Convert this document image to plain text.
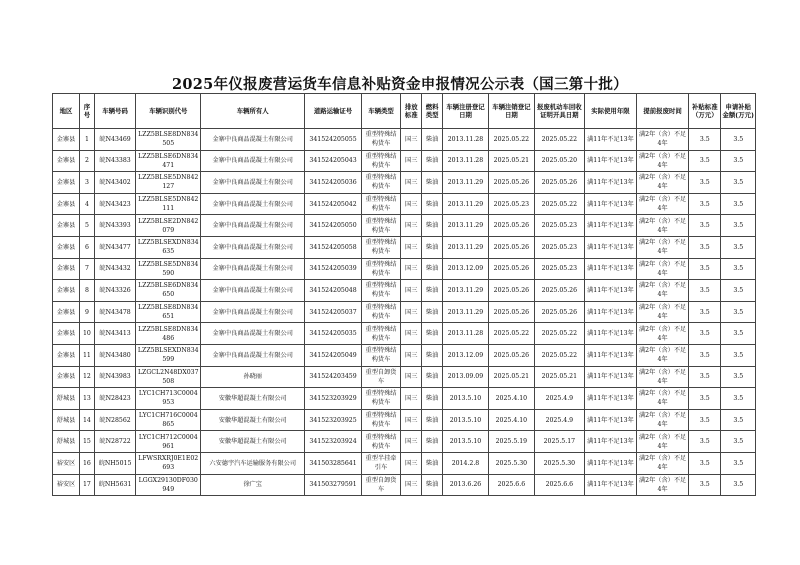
2025年仪报废营运货车信息补贴资金申报情况公示表（国三第十批）
地区	序号	车辆号码	车辆识别代号	车辆所有人	道路运输证号	车辆类型	排放标准	燃料类型	车辆注册登记日期	车辆注销登记日期	报废机动车回收证明开具日期	实际使用年限	提前报废时间	补贴标准（万元）	申请补贴金额(万元)
金寨县	1	皖N43469	LZZ5BLSE8DN834505	金寨中良商品混凝土有限公司	341524205055	重型特殊结构货车	国三	柴油	2013.11.28	2025.05.22	2025.05.22	满11年不足13年	满2年（含）不足4年	3.5	3.5
金寨县	2	皖N43383	LZZ5BLSE6DN834471	金寨中良商品混凝土有限公司	341524205043	重型特殊结构货车	国三	柴油	2013.11.28	2025.05.21	2025.05.20	满11年不足13年	满2年（含）不足4年	3.5	3.5
金寨县	3	皖N43402	LZZ5BLSE5DN842127	金寨中良商品混凝土有限公司	341524205036	重型特殊结构货车	国三	柴油	2013.11.29	2025.05.26	2025.05.26	满11年不足13年	满2年（含）不足4年	3.5	3.5
金寨县	4	皖N43423	LZZ5BLSE5DN842111	金寨中良商品混凝土有限公司	341524205042	重型特殊结构货车	国三	柴油	2013.11.29	2025.05.23	2025.05.22	满11年不足13年	满2年（含）不足4年	3.5	3.5
金寨县	5	皖N43393	LZZ5BLSE2DN842079	金寨中良商品混凝土有限公司	341524205050	重型特殊结构货车	国三	柴油	2013.11.29	2025.05.26	2025.05.23	满11年不足13年	满2年（含）不足4年	3.5	3.5
金寨县	6	皖N43477	LZZ5BLSEXDN834635	金寨中良商品混凝土有限公司	341524205058	重型特殊结构货车	国三	柴油	2013.11.29	2025.05.26	2025.05.23	满11年不足13年	满2年（含）不足4年	3.5	3.5
金寨县	7	皖N43432	LZZ5BLSE5DN834590	金寨中良商品混凝土有限公司	341524205039	重型特殊结构货车	国三	柴油	2013.12.09	2025.05.26	2025.05.23	满11年不足13年	满2年（含）不足4年	3.5	3.5
金寨县	8	皖N43326	LZZ5BLSE6DN834650	金寨中良商品混凝土有限公司	341524205048	重型特殊结构货车	国三	柴油	2013.11.29	2025.05.26	2025.05.26	满11年不足13年	满2年（含）不足4年	3.5	3.5
金寨县	9	皖N43478	LZZ5BLSE8DN834651	金寨中良商品混凝土有限公司	341524205037	重型特殊结构货车	国三	柴油	2013.11.29	2025.05.26	2025.05.26	满11年不足13年	满2年（含）不足4年	3.5	3.5
金寨县	10	皖N43413	LZZ5BLSE8DN834486	金寨中良商品混凝土有限公司	341524205035	重型特殊结构货车	国三	柴油	2013.11.28	2025.05.22	2025.05.22	满11年不足13年	满2年（含）不足4年	3.5	3.5
金寨县	11	皖N43480	LZZ5BLSEXDN834599	金寨中良商品混凝土有限公司	341524205049	重型特殊结构货车	国三	柴油	2013.12.09	2025.05.26	2025.05.22	满11年不足13年	满2年（含）不足4年	3.5	3.5
金寨县	12	皖N43983	LZGCL2N48DX037508	孙晓丽	341524203459	重型自卸货车	国三	柴油	2013.09.09	2025.05.21	2025.05.21	满11年不足13年	满2年（含）不足4年	3.5	3.5
舒城县	13	皖N28423	LYC1CH713C0004953	安徽华超混凝土有限公司	341523203929	重型特殊结构货车	国三	柴油	2013.5.10	2025.4.10	2025.4.9	满11年不足13年	满2年（含）不足4年	3.5	3.5
舒城县	14	皖N28562	LYC1CH716C0004865	安徽华超混凝土有限公司	341523203925	重型特殊结构货车	国三	柴油	2013.5.10	2025.4.10	2025.4.9	满11年不足13年	满2年（含）不足4年	3.5	3.5
舒城县	15	皖N28722	LYC1CH712C0004961	安徽华超混凝土有限公司	341523203924	重型特殊结构货车	国三	柴油	2013.5.10	2025.5.19	2025.5.17	满11年不足13年	满2年（含）不足4年	3.5	3.5
裕安区	16	皖NH5015	LFWSRXRJ0E1E02693	六安德宇汽车运输服务有限公司	341503285641	重型半挂牵引车	国三	柴油	2014.2.8	2025.5.30	2025.5.30	满11年不足13年	满2年（含）不足4年	3.5	3.5
裕安区	17	皖NH5631	LGGX29130DF030949	徐广宝	341503279591	重型自卸货车	国三	柴油	2013.6.26	2025.6.6	2025.6.6	满11年不足13年	满2年（含）不足4年	3.5	3.5
